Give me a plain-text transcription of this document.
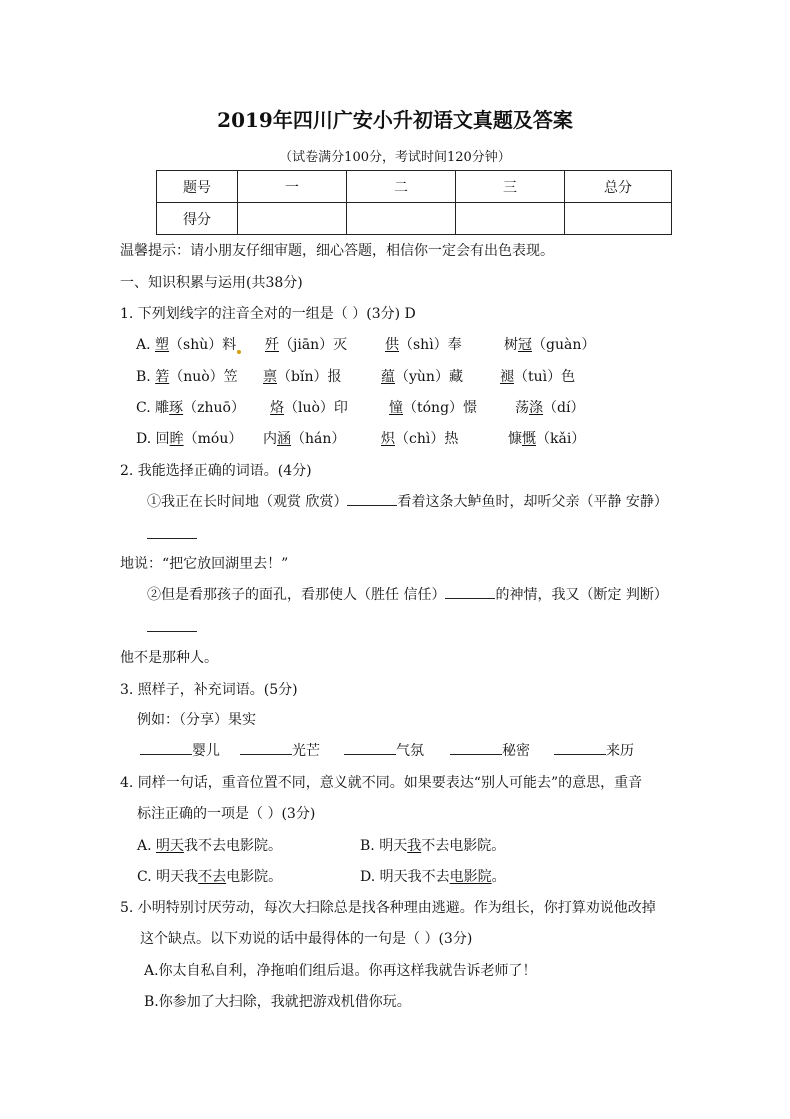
2019年四川广安小升初语文真题及答案
（试卷满分100分，考试时间120分钟）
题号	一	二	三	总分
得分				
温馨提示：请小朋友仔细审题，细心答题，相信你一定会有出色表现。
一、知识积累与运用(共38分)
1. 下列划线字的注音全对的一组是（ ）(3分) D
A. 塑（shù）料	歼（jiān）灭	供（shì）奉	树冠（guàn）
B. 箬（nuò）笠 禀（bǐn）报	蕴（yùn）藏	褪（tuì）色
C. 雕琢（zhuō） 烙（luò）印	憧（tóng）憬	荡涤（dí）
D. 回眸（móu） 内涵（hán）	炽（chì）热	慷慨（kǎi）
2. 我能选择正确的词语。(4分)
①我正在长时间地（观赏 欣赏）	看着这条大鲈鱼时，却听父亲（平静 安静）
地说：“把它放回湖里去！”
②但是看那孩子的面孔，看那使人（胜任 信任）	的神情，我又（断定 判断）
他不是那种人。
3. 照样子，补充词语。(5分)
例如：（分享）果实
婴儿	光芒	气氛	秘密	来历
4. 同样一句话，重音位置不同，意义就不同。如果要表达“别人可能去”的意思，重音
标注正确的一项是（ ）(3分)
A. 明天我不去电影院。	B. 明天我不去电影院。
C. 明天我不去电影院。	D. 明天我不去电影院。
5. 小明特别讨厌劳动，每次大扫除总是找各种理由逃避。作为组长，你打算劝说他改掉
这个缺点。以下劝说的话中最得体的一句是（ ）(3分)
A.你太自私自利，净拖咱们组后退。你再这样我就告诉老师了！
B.你参加了大扫除，我就把游戏机借你玩。
